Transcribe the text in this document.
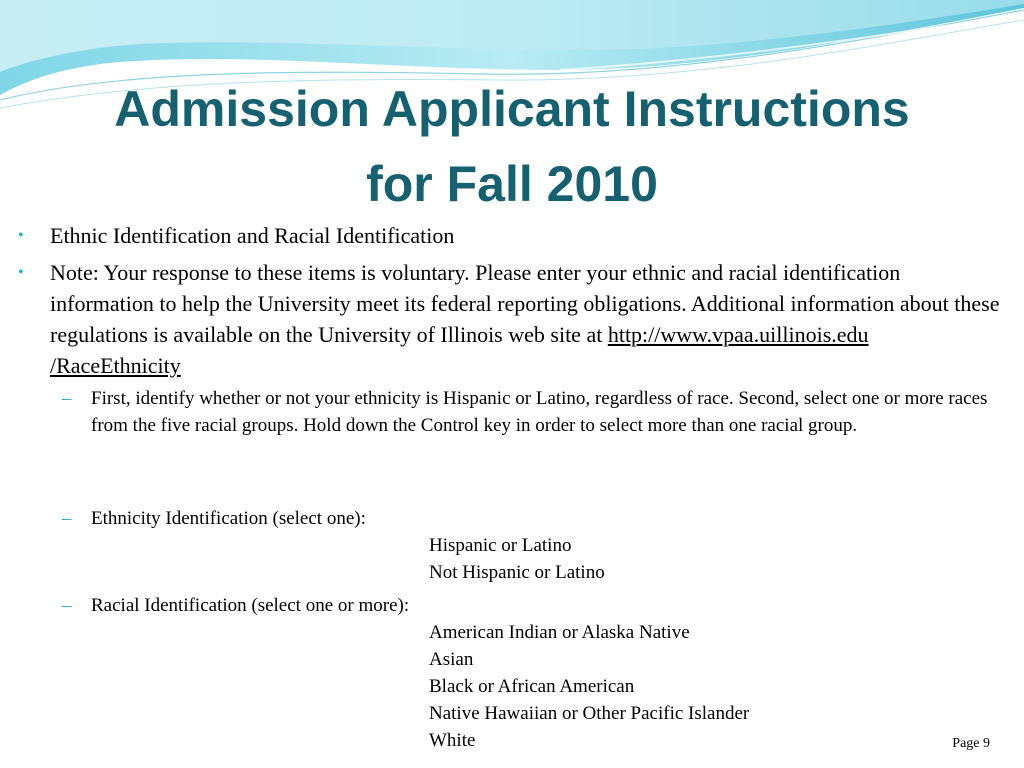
Admission Applicant Instructions
for Fall 2010
• Ethnic Identification and Racial Identification
• Note: Your response to these items is voluntary. Please enter your ethnic and racial identification information to help the University meet its federal reporting obligations. Additional information about these regulations is available on the University of Illinois web site at http://www.vpaa.uillinois.edu /RaceEthnicity
– First, identify whether or not your ethnicity is Hispanic or Latino, regardless of race. Second, select one or more races from the five racial groups. Hold down the Control key in order to select more than one racial group.
– Ethnicity Identification (select one):
Hispanic or Latino
Not Hispanic or Latino
– Racial Identification (select one or more):
American Indian or Alaska Native
Asian
Black or African American
Native Hawaiian or Other Pacific Islander
White	Page 9
